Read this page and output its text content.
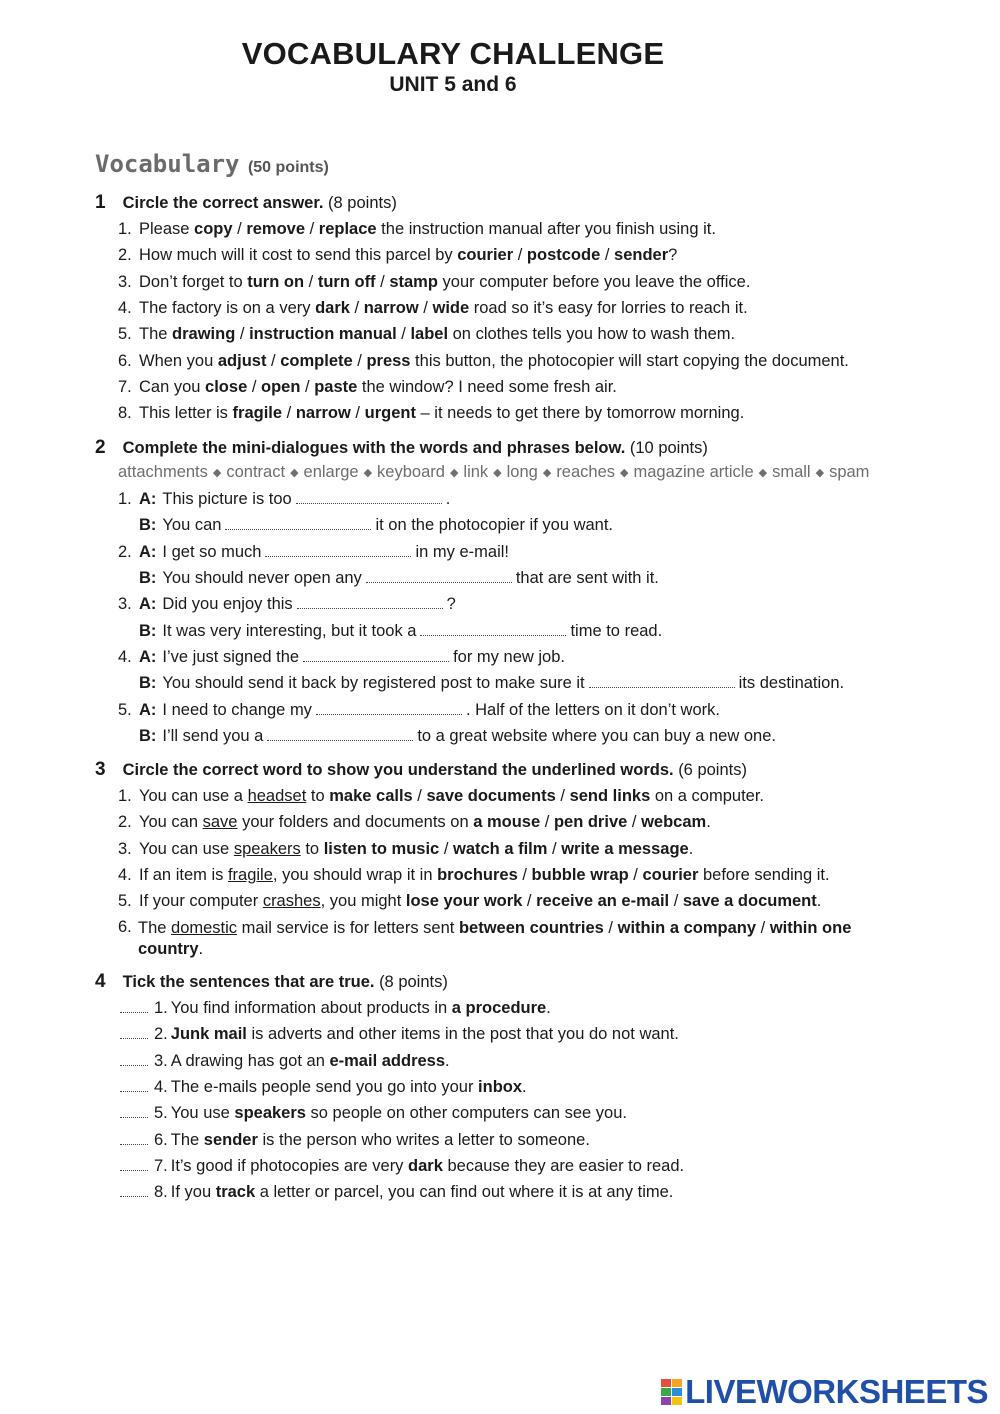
VOCABULARY CHALLENGE
UNIT 5 and 6
Vocabulary (50 points)
1 Circle the correct answer. (8 points)
1. Please copy / remove / replace the instruction manual after you finish using it.
2. How much will it cost to send this parcel by courier / postcode / sender?
3. Don’t forget to turn on / turn off / stamp your computer before you leave the office.
4. The factory is on a very dark / narrow / wide road so it’s easy for lorries to reach it.
5. The drawing / instruction manual / label on clothes tells you how to wash them.
6. When you adjust / complete / press this button, the photocopier will start copying the document.
7. Can you close / open / paste the window? I need some fresh air.
8. This letter is fragile / narrow / urgent – it needs to get there by tomorrow morning.
2 Complete the mini-dialogues with the words and phrases below. (10 points)
attachments ◆ contract ◆ enlarge ◆ keyboard ◆ link ◆ long ◆ reaches ◆ magazine article ◆ small ◆ spam
1. A: This picture is too	.
B: You can	it on the photocopier if you want.
2. A: I get so much	in my e-mail!
B: You should never open any	that are sent with it.
3. A: Did you enjoy this	?
B: It was very interesting, but it took a	time to read.
4. A: I’ve just signed the	for my new job.
B: You should send it back by registered post to make sure it	its destination.
5. A: I need to change my	. Half of the letters on it don’t work.
B: I’ll send you a	to a great website where you can buy a new one.
3 Circle the correct word to show you understand the underlined words. (6 points)
1. You can use a headset to make calls / save documents / send links on a computer.
2. You can save your folders and documents on a mouse / pen drive / webcam.
3. You can use speakers to listen to music / watch a film / write a message.
4. If an item is fragile, you should wrap it in brochures / bubble wrap / courier before sending it.
5. If your computer crashes, you might lose your work / receive an e-mail / save a document.
6. The domestic mail service is for letters sent between countries / within a company / within one country.
4 Tick the sentences that are true. (8 points)
1. You find information about products in a procedure.
2. Junk mail is adverts and other items in the post that you do not want.
3. A drawing has got an e-mail address.
4. The e-mails people send you go into your inbox.
5. You use speakers so people on other computers can see you.
6. The sender is the person who writes a letter to someone.
7. It’s good if photocopies are very dark because they are easier to read.
8. If you track a letter or parcel, you can find out where it is at any time.
LIVEWORKSHEETS
